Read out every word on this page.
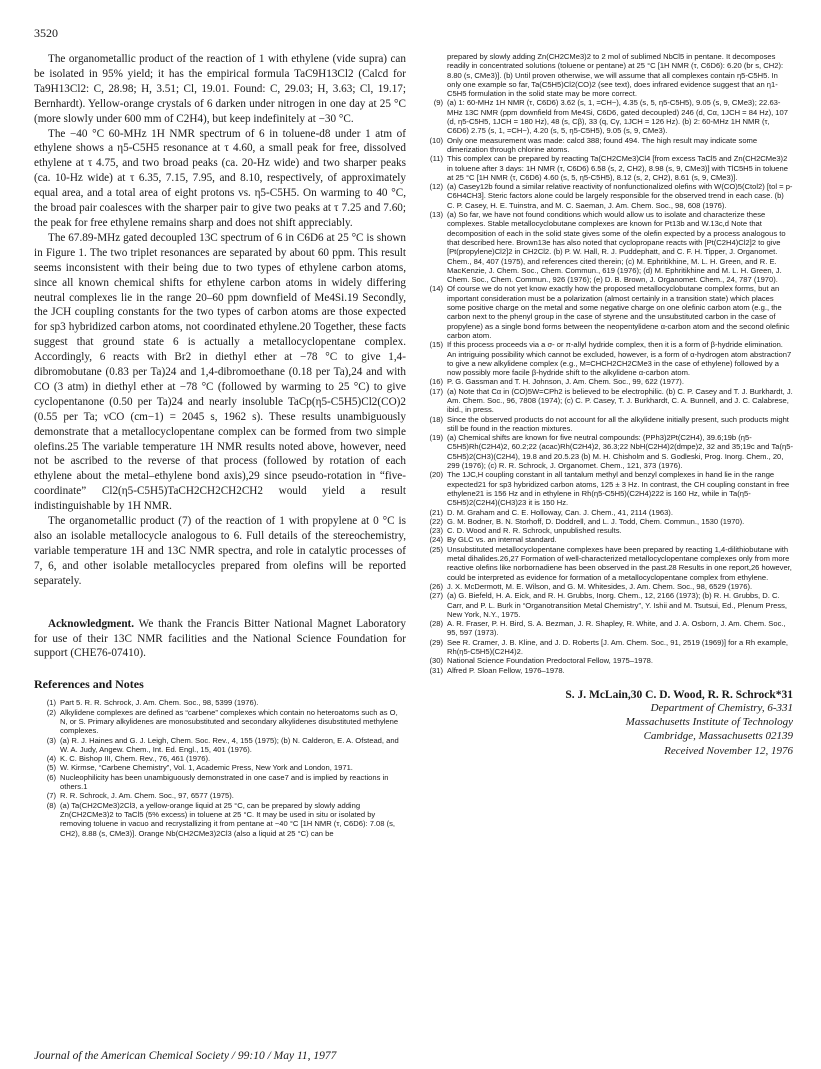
3520

The organometallic product of the reaction of 1 with ethylene (vide supra) can be isolated in 95% yield; it has the empirical formula TaC9H13Cl2 (Calcd for Ta9H13Cl2: C, 28.98; H, 3.51; Cl, 19.01. Found: C, 29.03; H, 3.63; Cl, 19.17; Bernhardt). Yellow-orange crystals of 6 darken under nitrogen in one day at 25 °C (more slowly under 600 mm of C2H4), but keep indefinitely at −30 °C.

The −40 °C 60-MHz 1H NMR spectrum of 6 in toluene-d8 under 1 atm of ethylene shows a η5-C5H5 resonance at τ 4.60, a small peak for free, dissolved ethylene at τ 4.75, and two broad peaks (ca. 20-Hz wide) and two sharper peaks (ca. 10-Hz wide) at τ 6.35, 7.15, 7.95, and 8.10, respectively, of approximately equal area, and a total area of eight protons vs. η5-C5H5. On warming to 40 °C, the broad pair coalesces with the sharper pair to give two peaks at τ 7.25 and 7.60; the peak for free ethylene remains sharp and does not shift appreciably.

The 67.89-MHz gated decoupled 13C spectrum of 6 in C6D6 at 25 °C is shown in Figure 1. The two triplet resonances are separated by about 60 ppm. This result seems inconsistent with their being due to two types of ethylene carbon atoms, since all known chemical shifts for ethylene carbon atoms in widely differing neutral complexes lie in the range 20–60 ppm downfield of Me4Si.19 Secondly, the JCH coupling constants for the two types of carbon atoms are those expected for sp3 hybridized carbon atoms, not coordinated ethylene.20 Together, these facts suggest that ground state 6 is actually a metallocyclopentane complex. Accordingly, 6 reacts with Br2 in diethyl ether at −78 °C to give 1,4-dibromobutane (0.83 per Ta)24 and 1,4-dibromoethane (0.18 per Ta),24 and with CO (3 atm) in diethyl ether at −78 °C (followed by warming to 25 °C) to give cyclopentanone (0.50 per Ta)24 and nearly insoluble TaCp(η5-C5H5)Cl2(CO)2 (0.55 per Ta; νCO (cm−1) = 2045 s, 1962 s). These results unambiguously demonstrate that a metallocyclopentane complex can be formed from two simple olefins.25 The variable temperature 1H NMR results noted above, however, need not be ascribed to the reverse of that process (followed by rotation of each ethylene about the metal–ethylene bond axis),29 since pseudo-rotation in “five-coordinate” Cl2(η5-C5H5)TaCH2CH2CH2CH2 would yield a result indistinguishable by 1H NMR.

The organometallic product (7) of the reaction of 1 with propylene at 0 °C is also an isolable metallocycle analogous to 6. Full details of the stereochemistry, variable temperature 1H and 13C NMR spectra, and role in catalytic processes of 7, 6, and other isolable metallocycles prepared from olefins will be reported separately.

Acknowledgment. We thank the Francis Bitter National Magnet Laboratory for use of their 13C NMR facilities and the National Science Foundation for support (CHE76-07410).

References and Notes

(1) Part 5. R. R. Schrock, J. Am. Chem. Soc., 98, 5399 (1976).

(2) Alkylidene complexes are defined as “carbene” complexes which contain no heteroatoms such as O, N, or S. Primary alkylidenes are monosubstituted and secondary alkylidenes disubstituted methylene complexes.

(3) (a) R. J. Haines and G. J. Leigh, Chem. Soc. Rev., 4, 155 (1975); (b) N. Calderon, E. A. Ofstead, and W. A. Judy, Angew. Chem., Int. Ed. Engl., 15, 401 (1976).

(4) K. C. Bishop III, Chem. Rev., 76, 461 (1976).

(5) W. Kirmse, “Carbene Chemistry”, Vol. 1, Academic Press, New York and London, 1971.

(6) Nucleophilicity has been unambiguously demonstrated in one case7 and is implied by reactions in others.1

(7) R. R. Schrock, J. Am. Chem. Soc., 97, 6577 (1975).

(8) (a) Ta(CH2CMe3)2Cl3, a yellow-orange liquid at 25 °C, can be prepared by slowly adding Zn(CH2CMe3)2 to TaCl5 (5% excess) in toluene at 25 °C. It may be used in situ or isolated by removing toluene in vacuo and recrystallizing it from pentane at −40 °C [1H NMR (τ, C6D6): 7.08 (s, CH2), 8.88 (s, CMe3)]. Orange Nb(CH2CMe3)2Cl3 (also a liquid at 25 °C) can be

prepared by slowly adding Zn(CH2CMe3)2 to 2 mol of sublimed NbCl5 in pentane. It decomposes readily in concentrated solutions (toluene or pentane) at 25 °C [1H NMR (τ, C6D6): 6.20 (br s, CH2): 8.80 (s, CMe3)]. (b) Until proven otherwise, we will assume that all complexes contain η5-C5H5. In only one example so far, Ta(C5H5)Cl2(CO)2 (see text), does infrared evidence suggest that an η1-C5H5 formulation in the solid state may be more correct.

(9) (a) 1: 60-MHz 1H NMR (τ, C6D6) 3.62 (s, 1, =CH−), 4.35 (s, 5, η5-C5H5), 9.05 (s, 9, CMe3); 22.63-MHz 13C NMR (ppm downfield from Me4Si, C6D6, gated decoupled) 246 (d, Cα, 1JCH = 84 Hz), 107 (d, η5-C5H5, 1JCH = 180 Hz), 48 (s, Cβ), 33 (q, Cγ, 1JCH = 126 Hz). (b) 2: 60-MHz 1H NMR (τ, C6D6) 2.75 (s, 1, =CH−), 4.20 (s, 5, η5-C5H5), 9.05 (s, 9, CMe3).

(10) Only one measurement was made: calcd 388; found 494. The high result may indicate some dimerization through chlorine atoms.

(11) This complex can be prepared by reacting Ta(CH2CMe3)Cl4 [from excess TaCl5 and Zn(CH2CMe3)2 in toluene after 3 days: 1H NMR (τ, C6D6) 6.58 (s, 2, CH2), 8.98 (s, 9, CMe3)] with TlC5H5 in toluene at 25 °C [1H NMR (τ, C6D6) 4.60 (s, 5, η5-C5H5), 8.12 (s, 2, CH2), 8.61 (s, 9, CMe3)].

(12) (a) Casey12b found a similar relative reactivity of nonfunctionalized olefins with W(CO)5(Ctol2) [tol = p-C6H4CH3]. Steric factors alone could be largely responsible for the observed trend in each case. (b) C. P. Casey, H. E. Tuinstra, and M. C. Saeman, J. Am. Chem. Soc., 98, 608 (1976).

(13) (a) So far, we have not found conditions which would allow us to isolate and characterize these complexes. Stable metallocyclobutane complexes are known for Pt13b and W.13c,d Note that decomposition of each in the solid state gives some of the olefin expected by a process analogous to that described here. Brown13e has also noted that cyclopropane reacts with [Pt(C2H4)Cl2]2 to give [Pt(propylene)Cl2]2 in CH2Cl2. (b) P. W. Hall, R. J. Puddephatt, and C. F. H. Tipper, J. Organomet. Chem., 84, 407 (1975), and references cited therein; (c) M. Ephritikhine, M. L. H. Green, and R. E. MacKenzie, J. Chem. Soc., Chem. Commun., 619 (1976); (d) M. Ephritikhine and M. L. H. Green, J. Chem. Soc., Chem. Commun., 926 (1976); (e) D. B. Brown, J. Organomet. Chem., 24, 787 (1970).

(14) Of course we do not yet know exactly how the proposed metallocyclobutane complex forms, but an important consideration must be a polarization (almost certainly in a transition state) which places some positive charge on the metal and some negative charge on one olefinic carbon atom (e.g., the carbon next to the phenyl group in the case of styrene and the unsubstituted carbon in the case of propylene) as a single bond forms between the neopentylidene α-carbon atom and the second olefinic carbon atom.

(15) If this process proceeds via a σ- or π-allyl hydride complex, then it is a form of β-hydride elimination. An intriguing possibility which cannot be excluded, however, is a form of α-hydrogen atom abstraction7 to give a new alkylidene complex (e.g., M=CHCH2CH2CMe3 in the case of ethylene) followed by a now possibly more facile β-hydride shift to the alkylidene α-carbon atom.

(16) P. G. Gassman and T. H. Johnson, J. Am. Chem. Soc., 99, 622 (1977).

(17) (a) Note that Cα in (CO)5W=CPh2 is believed to be electrophilic. (b) C. P. Casey and T. J. Burkhardt, J. Am. Chem. Soc., 96, 7808 (1974); (c) C. P. Casey, T. J. Burkhardt, C. A. Bunnell, and J. C. Calabrese, ibid., in press.

(18) Since the observed products do not account for all the alkylidene initially present, such products might still be found in the reaction mixtures.

(19) (a) Chemical shifts are known for five neutral compounds: (PPh3)2Pt(C2H4), 39.6;19b (η5-C5H5)Rh(C2H4)2, 60.2;22 (acac)Rh(C2H4)2, 36.3;22 NbH(C2H4)2(dmpe)2, 32 and 35;19c and Ta(η5-C5H5)2(CH3)(C2H4), 19.8 and 20.5.23 (b) M. H. Chisholm and S. Godleski, Prog. Inorg. Chem., 20, 299 (1976); (c) R. R. Schrock, J. Organomet. Chem., 121, 373 (1976).

(20) The 1JC,H coupling constant in all tantalum methyl and benzyl complexes in hand lie in the range expected21 for sp3 hybridized carbon atoms, 125 ± 3 Hz. In contrast, the CH coupling constant in free ethylene21 is 156 Hz and in ethylene in Rh(η5-C5H5)(C2H4)222 is 160 Hz, while in Ta(η5-C5H5)2(C2H4)(CH3)23 it is 150 Hz.

(21) D. M. Graham and C. E. Holloway, Can. J. Chem., 41, 2114 (1963).

(22) G. M. Bodner, B. N. Storhoff, D. Doddrell, and L. J. Todd, Chem. Commun., 1530 (1970).

(23) C. D. Wood and R. R. Schrock, unpublished results.

(24) By GLC vs. an internal standard.

(25) Unsubstituted metallocyclopentane complexes have been prepared by reacting 1,4-dilithiobutane with metal dihalides.26,27 Formation of well-characterized metallocyclopentane complexes only from more reactive olefins like norbornadiene has been observed in the past.28 Results in one report,26 however, could be interpreted as evidence for formation of a metallocyclopentane complex from ethylene.

(26) J. X. McDermott, M. E. Wilson, and G. M. Whitesides, J. Am. Chem. Soc., 98, 6529 (1976).

(27) (a) G. Biefeld, H. A. Eick, and R. H. Grubbs, Inorg. Chem., 12, 2166 (1973); (b) R. H. Grubbs, D. C. Carr, and P. L. Burk in “Organotransition Metal Chemistry”, Y. Ishii and M. Tsutsui, Ed., Plenum Press, New York, N.Y., 1975.

(28) A. R. Fraser, P. H. Bird, S. A. Bezman, J. R. Shapley, R. White, and J. A. Osborn, J. Am. Chem. Soc., 95, 597 (1973).

(29) See R. Cramer, J. B. Kline, and J. D. Roberts [J. Am. Chem. Soc., 91, 2519 (1969)] for a Rh example, Rh(η5-C5H5)(C2H4)2.

(30) National Science Foundation Predoctoral Fellow, 1975–1978.

(31) Alfred P. Sloan Fellow, 1976–1978.

S. J. McLain,30 C. D. Wood, R. R. Schrock*31
Department of Chemistry, 6-331
Massachusetts Institute of Technology
Cambridge, Massachusetts 02139
Received November 12, 1976
Journal of the American Chemical Society / 99:10 / May 11, 1977
